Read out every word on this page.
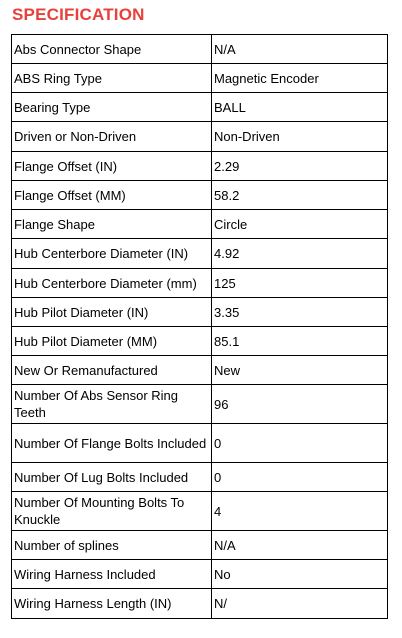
SPECIFICATION
Abs Connector Shape	N/A
ABS Ring Type	Magnetic Encoder
Bearing Type	BALL
Driven or Non-Driven	Non-Driven
Flange Offset (IN)	2.29
Flange Offset (MM)	58.2
Flange Shape	Circle
Hub Centerbore Diameter (IN)	4.92
Hub Centerbore Diameter (mm)	125
Hub Pilot Diameter (IN)	3.35
Hub Pilot Diameter (MM)	85.1
New Or Remanufactured	New
Number Of Abs Sensor Ring Teeth	96
Number Of Flange Bolts Included	0
Number Of Lug Bolts Included	0
Number Of Mounting Bolts To Knuckle	4
Number of splines	N/A
Wiring Harness Included	No
Wiring Harness Length (IN)	N/
